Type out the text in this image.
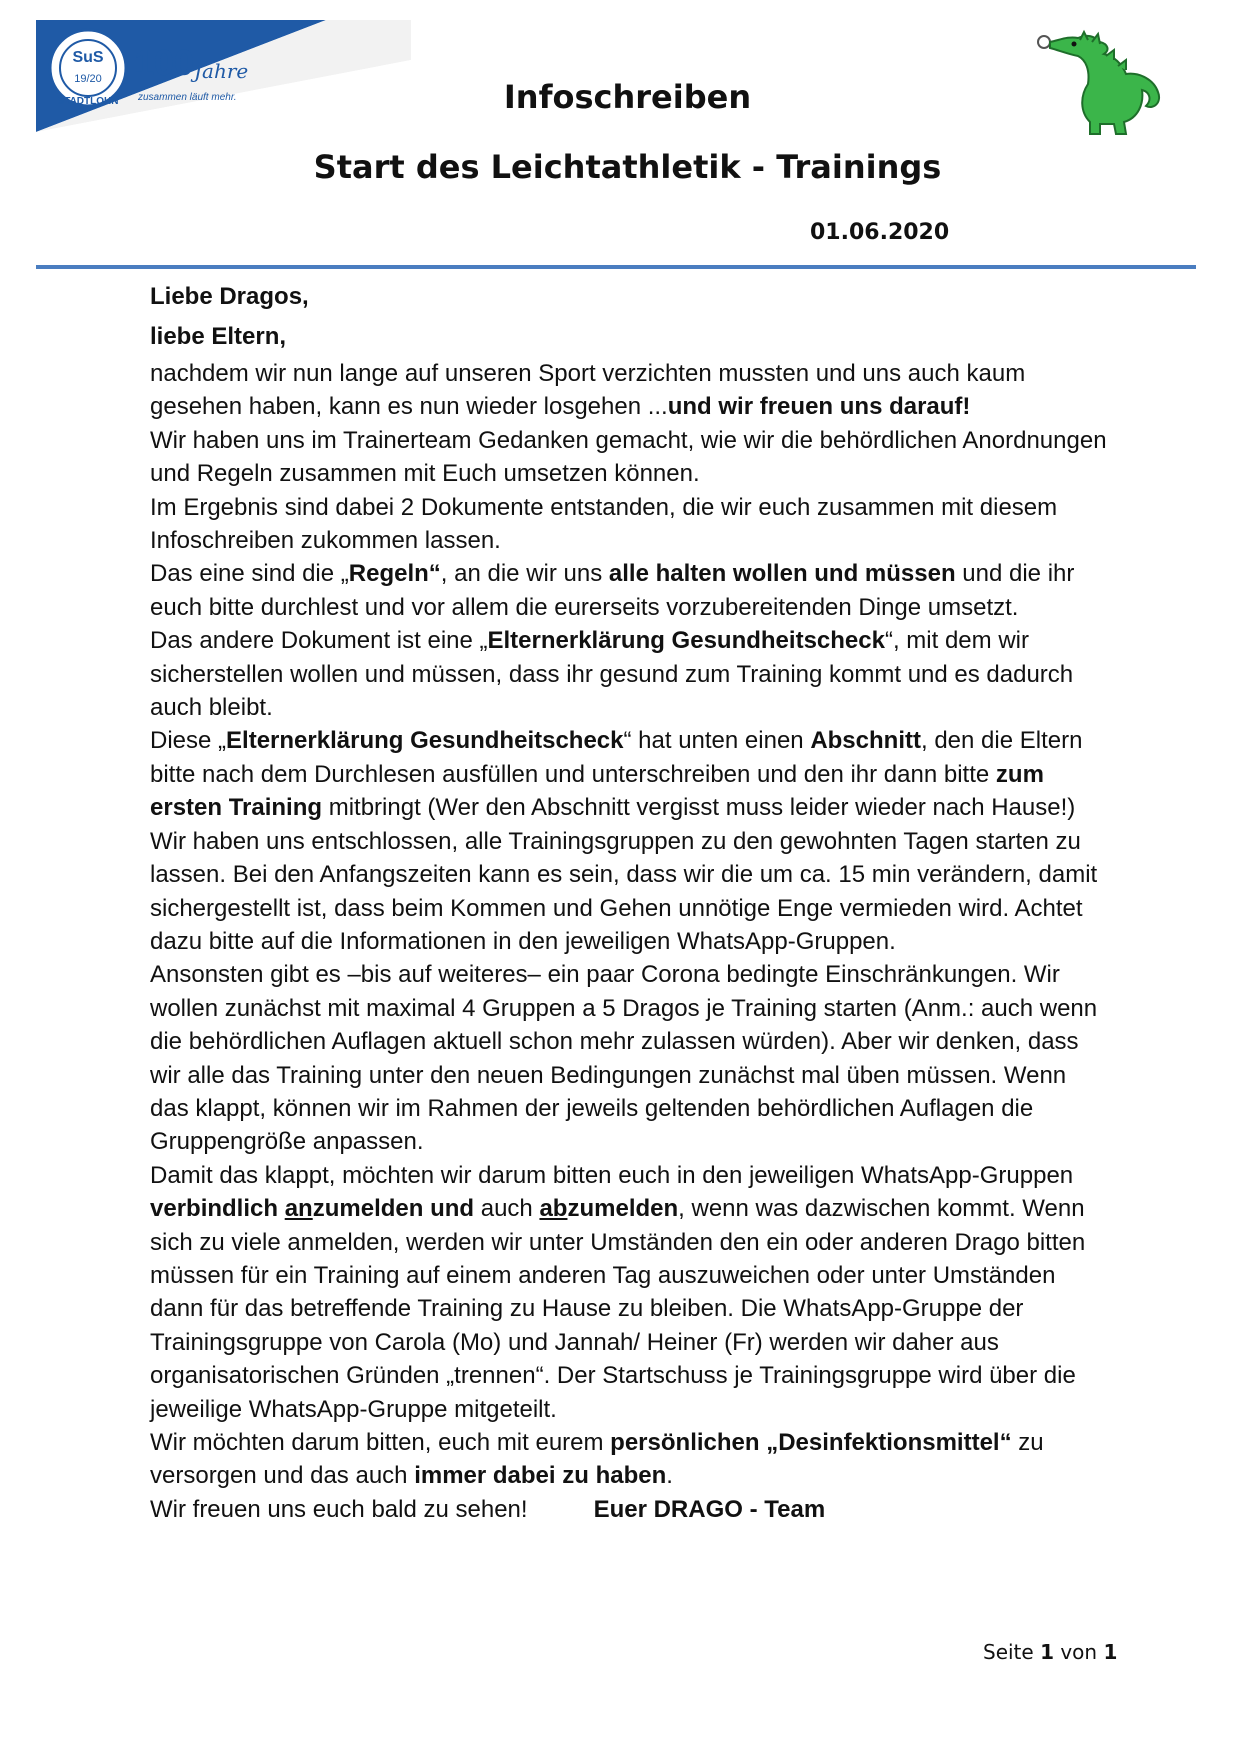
SuS
19/20
STADTLOHN
100 Jahre
zusammen läuft mehr.	Infoschreiben
Start des Leichtathletik - Trainings
01.06.2020

Liebe Dragos,

liebe Eltern,

nachdem wir nun lange auf unseren Sport verzichten mussten und uns auch kaum gesehen haben, kann es nun wieder losgehen ...und wir freuen uns darauf!

Wir haben uns im Trainerteam Gedanken gemacht, wie wir die behördlichen Anordnungen und Regeln zusammen mit Euch umsetzen können.

Im Ergebnis sind dabei 2 Dokumente entstanden, die wir euch zusammen mit diesem Infoschreiben zukommen lassen.

Das eine sind die „Regeln“, an die wir uns alle halten wollen und müssen und die ihr euch bitte durchlest und vor allem die eurerseits vorzubereitenden Dinge umsetzt.

Das andere Dokument ist eine „Elternerklärung Gesundheitscheck“, mit dem wir sicherstellen wollen und müssen, dass ihr gesund zum Training kommt und es dadurch auch bleibt.

Diese „Elternerklärung Gesundheitscheck“ hat unten einen Abschnitt, den die Eltern bitte nach dem Durchlesen ausfüllen und unterschreiben und den ihr dann bitte zum ersten Training mitbringt (Wer den Abschnitt vergisst muss leider wieder nach Hause!)

Wir haben uns entschlossen, alle Trainingsgruppen zu den gewohnten Tagen starten zu lassen. Bei den Anfangszeiten kann es sein, dass wir die um ca. 15 min verändern, damit sichergestellt ist, dass beim Kommen und Gehen unnötige Enge vermieden wird. Achtet dazu bitte auf die Informationen in den jeweiligen WhatsApp-Gruppen.

Ansonsten gibt es –bis auf weiteres– ein paar Corona bedingte Einschränkungen. Wir wollen zunächst mit maximal 4 Gruppen a 5 Dragos je Training starten (Anm.: auch wenn die behördlichen Auflagen aktuell schon mehr zulassen würden). Aber wir denken, dass wir alle das Training unter den neuen Bedingungen zunächst mal üben müssen. Wenn das klappt, können wir im Rahmen der jeweils geltenden behördlichen Auflagen die Gruppengröße anpassen.

Damit das klappt, möchten wir darum bitten euch in den jeweiligen WhatsApp-Gruppen verbindlich anzumelden und auch abzumelden, wenn was dazwischen kommt. Wenn sich zu viele anmelden, werden wir unter Umständen den ein oder anderen Drago bitten müssen für ein Training auf einem anderen Tag auszuweichen oder unter Umständen dann für das betreffende Training zu Hause zu bleiben. Die WhatsApp-Gruppe der Trainingsgruppe von Carola (Mo) und Jannah/ Heiner (Fr) werden wir daher aus organisatorischen Gründen „trennen“. Der Startschuss je Trainingsgruppe wird über die jeweilige WhatsApp-Gruppe mitgeteilt.

Wir möchten darum bitten, euch mit eurem persönlichen „Desinfektionsmittel“ zu versorgen und das auch immer dabei zu haben.

Wir freuen uns euch bald zu sehen!	Euer DRAGO - Team

Seite 1 von 1
